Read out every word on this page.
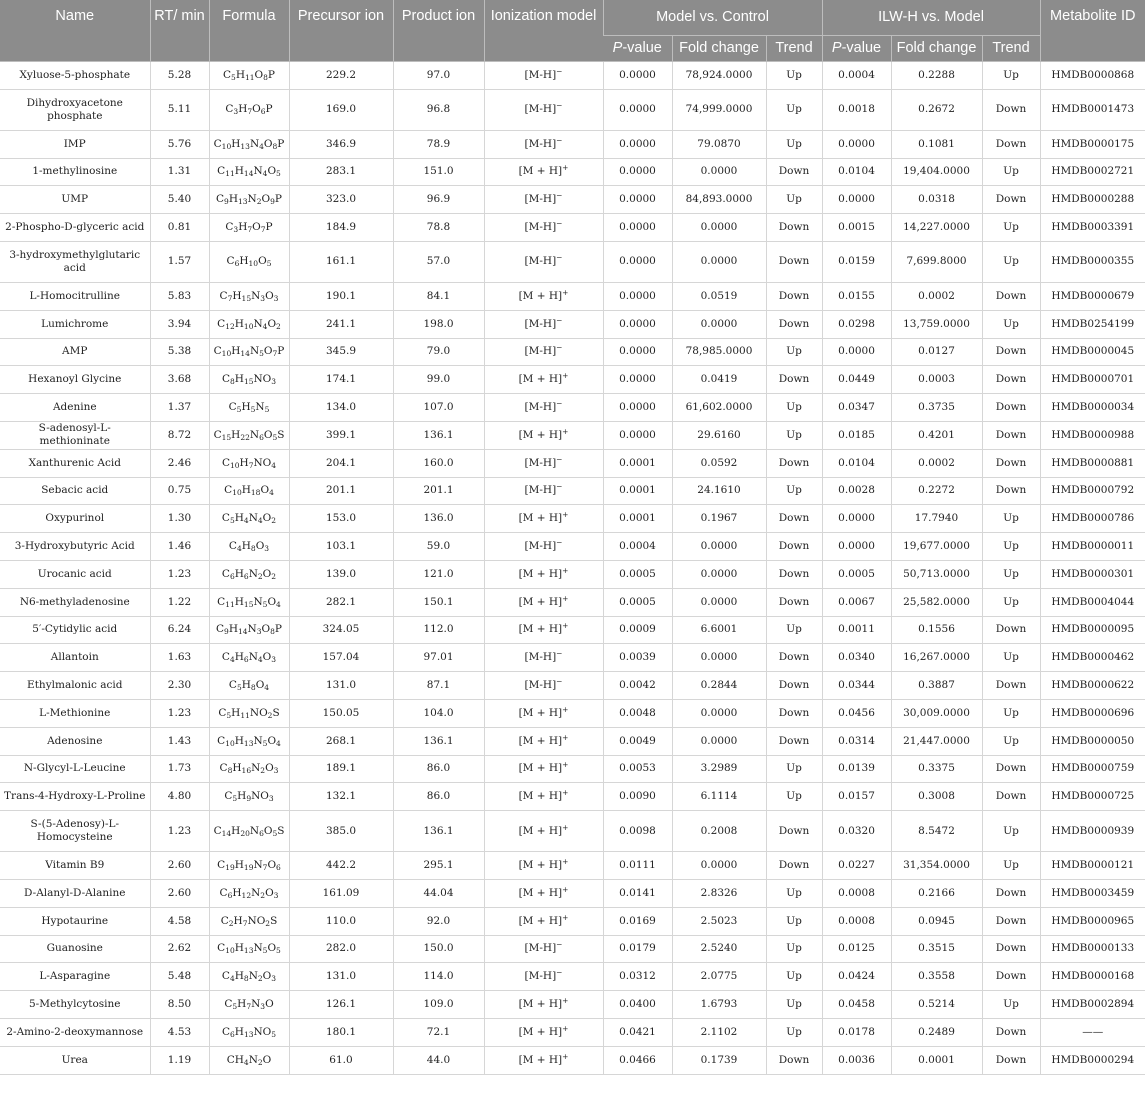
Name	RT/ min	Formula	Precursor ion	Product ion	Ionization model	Model vs. Control			ILW-H vs. Model			Metabolite ID
						P-value	Fold change	Trend	P-value	Fold change	Trend	
Xyluose-5-phosphate	5.28	$C_5H_{11}O_8P$	229.2	97.0	[M-H]−	0.0000	78,924.0000	Up	0.0004	0.2288	Up	HMDB0000868
Dihydroxyacetone phosphate	5.11	$C_3H_7O_6P$	169.0	96.8	[M-H]−	0.0000	74,999.0000	Up	0.0018	0.2672	Down	HMDB0001473
IMP	5.76	$C_{10}H_{13}N_4O_8P$	346.9	78.9	[M-H]−	0.0000	79.0870	Up	0.0000	0.1081	Down	HMDB0000175
1-methylinosine	1.31	$C_{11}H_{14}N_4O_5$	283.1	151.0	[M + H]+	0.0000	0.0000	Down	0.0104	19,404.0000	Up	HMDB0002721
UMP	5.40	$C_9H_{13}N_2O_9P$	323.0	96.9	[M-H]−	0.0000	84,893.0000	Up	0.0000	0.0318	Down	HMDB0000288
2-Phospho-D-glyceric acid	0.81	$C_3H_7O_7P$	184.9	78.8	[M-H]−	0.0000	0.0000	Down	0.0015	14,227.0000	Up	HMDB0003391
3-hydroxymethylglutaric acid	1.57	$C_6H_{10}O_5$	161.1	57.0	[M-H]−	0.0000	0.0000	Down	0.0159	7,699.8000	Up	HMDB0000355
L-Homocitrulline	5.83	$C_7H_{15}N_3O_3$	190.1	84.1	[M + H]+	0.0000	0.0519	Down	0.0155	0.0002	Down	HMDB0000679
Lumichrome	3.94	$C_{12}H_{10}N_4O_2$	241.1	198.0	[M-H]−	0.0000	0.0000	Down	0.0298	13,759.0000	Up	HMDB0254199
AMP	5.38	$C_{10}H_{14}N_5O_7P$	345.9	79.0	[M-H]−	0.0000	78,985.0000	Up	0.0000	0.0127	Down	HMDB0000045
Hexanoyl Glycine	3.68	$C_8H_{15}NO_3$	174.1	99.0	[M + H]+	0.0000	0.0419	Down	0.0449	0.0003	Down	HMDB0000701
Adenine	1.37	$C_5H_5N_5$	134.0	107.0	[M-H]−	0.0000	61,602.0000	Up	0.0347	0.3735	Down	HMDB0000034
S-adenosyl-L-methioninate	8.72	$C_{15}H_{22}N_6O_5S$	399.1	136.1	[M + H]+	0.0000	29.6160	Up	0.0185	0.4201	Down	HMDB0000988
Xanthurenic Acid	2.46	$C_{10}H_7NO_4$	204.1	160.0	[M-H]−	0.0001	0.0592	Down	0.0104	0.0002	Down	HMDB0000881
Sebacic acid	0.75	$C_{10}H_{18}O_4$	201.1	201.1	[M-H]−	0.0001	24.1610	Up	0.0028	0.2272	Down	HMDB0000792
Oxypurinol	1.30	$C_5H_4N_4O_2$	153.0	136.0	[M + H]+	0.0001	0.1967	Down	0.0000	17.7940	Up	HMDB0000786
3-Hydroxybutyric Acid	1.46	$C_4H_8O_3$	103.1	59.0	[M-H]−	0.0004	0.0000	Down	0.0000	19,677.0000	Up	HMDB0000011
Urocanic acid	1.23	$C_6H_6N_2O_2$	139.0	121.0	[M + H]+	0.0005	0.0000	Down	0.0005	50,713.0000	Up	HMDB0000301
N6-methyladenosine	1.22	$C_{11}H_{15}N_5O_4$	282.1	150.1	[M + H]+	0.0005	0.0000	Down	0.0067	25,582.0000	Up	HMDB0004044
5′-Cytidylic acid	6.24	$C_9H_{14}N_3O_8P$	324.05	112.0	[M + H]+	0.0009	6.6001	Up	0.0011	0.1556	Down	HMDB0000095
Allantoin	1.63	$C_4H_6N_4O_3$	157.04	97.01	[M-H]−	0.0039	0.0000	Down	0.0340	16,267.0000	Up	HMDB0000462
Ethylmalonic acid	2.30	$C_5H_8O_4$	131.0	87.1	[M-H]−	0.0042	0.2844	Down	0.0344	0.3887	Down	HMDB0000622
L-Methionine	1.23	$C_5H_{11}NO_2S$	150.05	104.0	[M + H]+	0.0048	0.0000	Down	0.0456	30,009.0000	Up	HMDB0000696
Adenosine	1.43	$C_{10}H_{13}N_5O_4$	268.1	136.1	[M + H]+	0.0049	0.0000	Down	0.0314	21,447.0000	Up	HMDB0000050
N-Glycyl-L-Leucine	1.73	$C_8H_{16}N_2O_3$	189.1	86.0	[M + H]+	0.0053	3.2989	Up	0.0139	0.3375	Down	HMDB0000759
Trans-4-Hydroxy-L-Proline	4.80	$C_5H_9NO_3$	132.1	86.0	[M + H]+	0.0090	6.1114	Up	0.0157	0.3008	Down	HMDB0000725
S-(5-Adenosy)-L-Homocysteine	1.23	$C_{14}H_{20}N_6O_5S$	385.0	136.1	[M + H]+	0.0098	0.2008	Down	0.0320	8.5472	Up	HMDB0000939
Vitamin B9	2.60	$C_{19}H_{19}N_7O_6$	442.2	295.1	[M + H]+	0.0111	0.0000	Down	0.0227	31,354.0000	Up	HMDB0000121
D-Alanyl-D-Alanine	2.60	$C_6H_{12}N_2O_3$	161.09	44.04	[M + H]+	0.0141	2.8326	Up	0.0008	0.2166	Down	HMDB0003459
Hypotaurine	4.58	$C_2H_7NO_2S$	110.0	92.0	[M + H]+	0.0169	2.5023	Up	0.0008	0.0945	Down	HMDB0000965
Guanosine	2.62	$C_{10}H_{13}N_5O_5$	282.0	150.0	[M-H]−	0.0179	2.5240	Up	0.0125	0.3515	Down	HMDB0000133
L-Asparagine	5.48	$C_4H_8N_2O_3$	131.0	114.0	[M-H]−	0.0312	2.0775	Up	0.0424	0.3558	Down	HMDB0000168
5-Methylcytosine	8.50	$C_5H_7N_3O$	126.1	109.0	[M + H]+	0.0400	1.6793	Up	0.0458	0.5214	Up	HMDB0002894
2-Amino-2-deoxymannose	4.53	$C_6H_{13}NO_5$	180.1	72.1	[M + H]+	0.0421	2.1102	Up	0.0178	0.2489	Down	——
Urea	1.19	$CH_4N_2O$	61.0	44.0	[M + H]+	0.0466	0.1739	Down	0.0036	0.0001	Down	HMDB0000294
